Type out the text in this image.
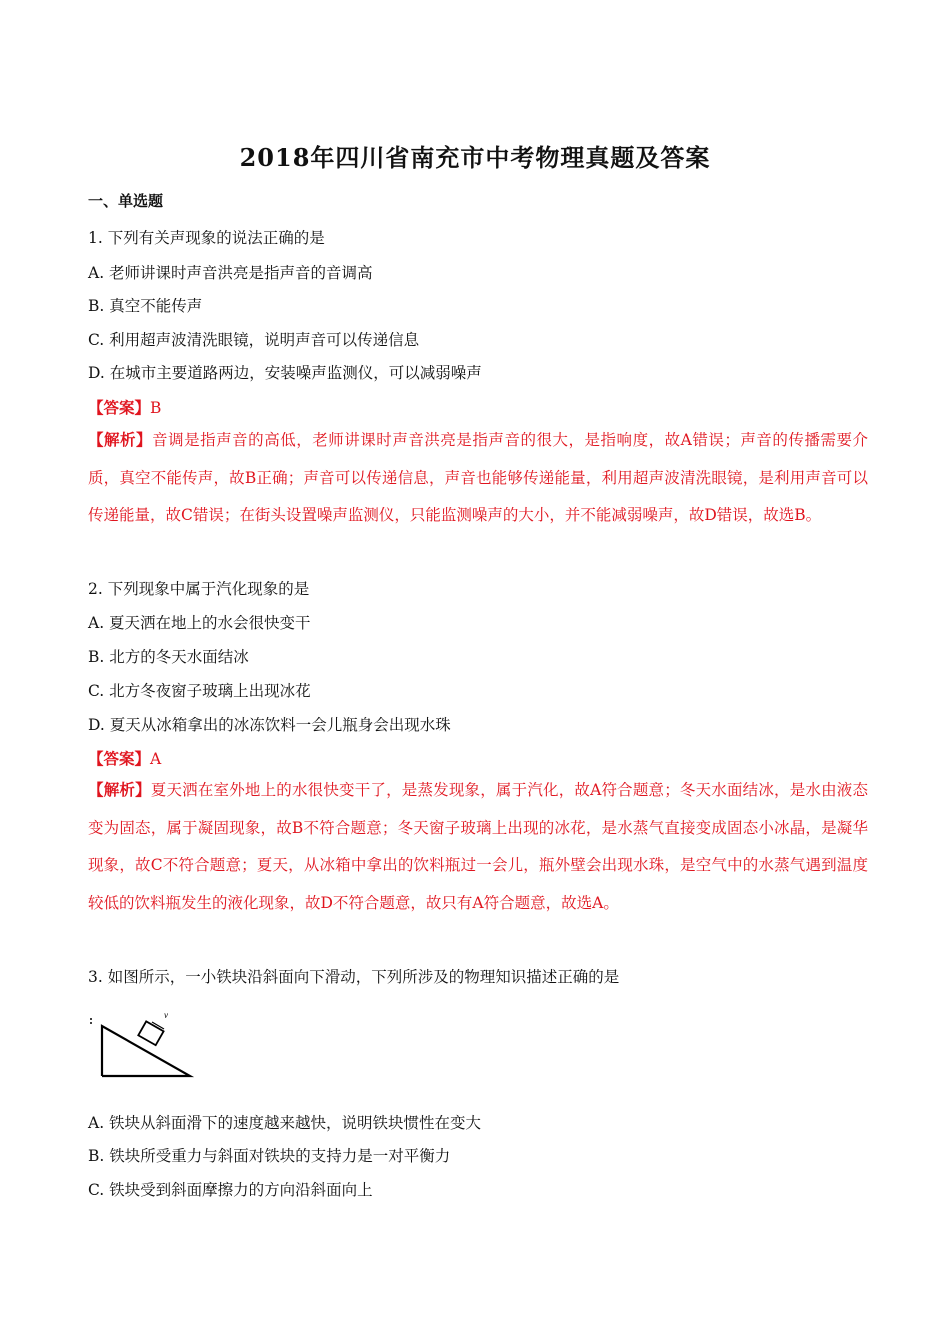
2018年四川省南充市中考物理真题及答案
一、单选题
1. 下列有关声现象的说法正确的是
A. 老师讲课时声音洪亮是指声音的音调高
B. 真空不能传声
C. 利用超声波清洗眼镜，说明声音可以传递信息
D. 在城市主要道路两边，安装噪声监测仪，可以减弱噪声
【答案】B
【解析】音调是指声音的高低，老师讲课时声音洪亮是指声音的很大，是指响度，故A错误；声音的传播需要介质，真空不能传声，故B正确；声音可以传递信息，声音也能够传递能量，利用超声波清洗眼镜，是利用声音可以传递能量，故C错误；在街头设置噪声监测仪，只能监测噪声的大小，并不能减弱噪声，故D错误，故选B。
2. 下列现象中属于汽化现象的是
A. 夏天洒在地上的水会很快变干
B. 北方的冬天水面结冰
C. 北方冬夜窗子玻璃上出现冰花
D. 夏天从冰箱拿出的冰冻饮料一会儿瓶身会出现水珠
【答案】A
【解析】夏天洒在室外地上的水很快变干了，是蒸发现象，属于汽化，故A符合题意；冬天水面结冰，是水由液态变为固态，属于凝固现象，故B不符合题意；冬天窗子玻璃上出现的冰花，是水蒸气直接变成固态小冰晶，是凝华现象，故C不符合题意；夏天，从冰箱中拿出的饮料瓶过一会儿，瓶外壁会出现水珠，是空气中的水蒸气遇到温度较低的饮料瓶发生的液化现象，故D不符合题意，故只有A符合题意，故选A。
3. 如图所示，一小铁块沿斜面向下滑动，下列所涉及的物理知识描述正确的是
v
A. 铁块从斜面滑下的速度越来越快，说明铁块惯性在变大
B. 铁块所受重力与斜面对铁块的支持力是一对平衡力
C. 铁块受到斜面摩擦力的方向沿斜面向上
